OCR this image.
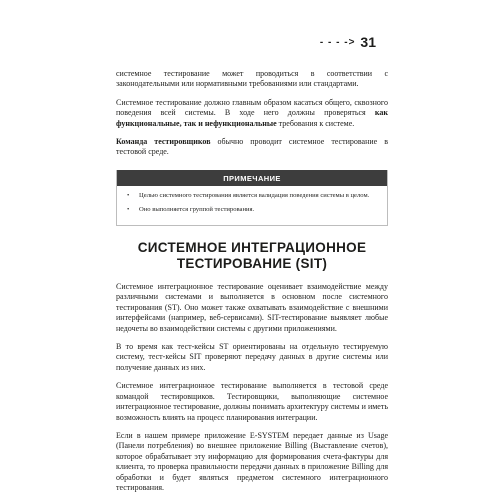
- - - -> 31

системное тестирование может проводиться в соответствии с законодательными или нормативными требованиями или стандартами.

Системное тестирование должно главным образом касаться общего, сквозного поведения всей системы. В ходе него должны проверяться как функциональные, так и нефункциональные требования к системе.

Команда тестировщиков обычно проводит системное тестирование в тестовой среде.

ПРИМЕЧАНИЕ
• Целью системного тестирования является валидация поведения системы в целом.
• Оно выполняется группой тестирования.
СИСТЕМНОЕ ИНТЕГРАЦИОННОЕ ТЕСТИРОВАНИЕ (SIT)

Системное интеграционное тестирование оценивает взаимодействие между различными системами и выполняется в основном после системного тестирования (ST). Оно может также охватывать взаимодействие с внешними интерфейсами (например, веб-сервисами). SIT-тестирование выявляет любые недочеты во взаимодействии системы с другими приложениями.

В то время как тест-кейсы ST ориентированы на отдельную тестируемую систему, тест-кейсы SIT проверяют передачу данных в другие системы или получение данных из них.

Системное интеграционное тестирование выполняется в тестовой среде командой тестировщиков. Тестировщики, выполняющие системное интеграционное тестирование, должны понимать архитектуру системы и иметь возможность влиять на процесс планирования интеграции.

Если в нашем примере приложение E-SYSTEM передает данные из Usage (Панели потребления) во внешнее приложение Billing (Выставление счетов), которое обрабатывает эту информацию для формирования счета-фактуры для клиента, то проверка правильности передачи данных в приложение Billing для обработки и будет являться предметом системного интеграционного тестирования.
